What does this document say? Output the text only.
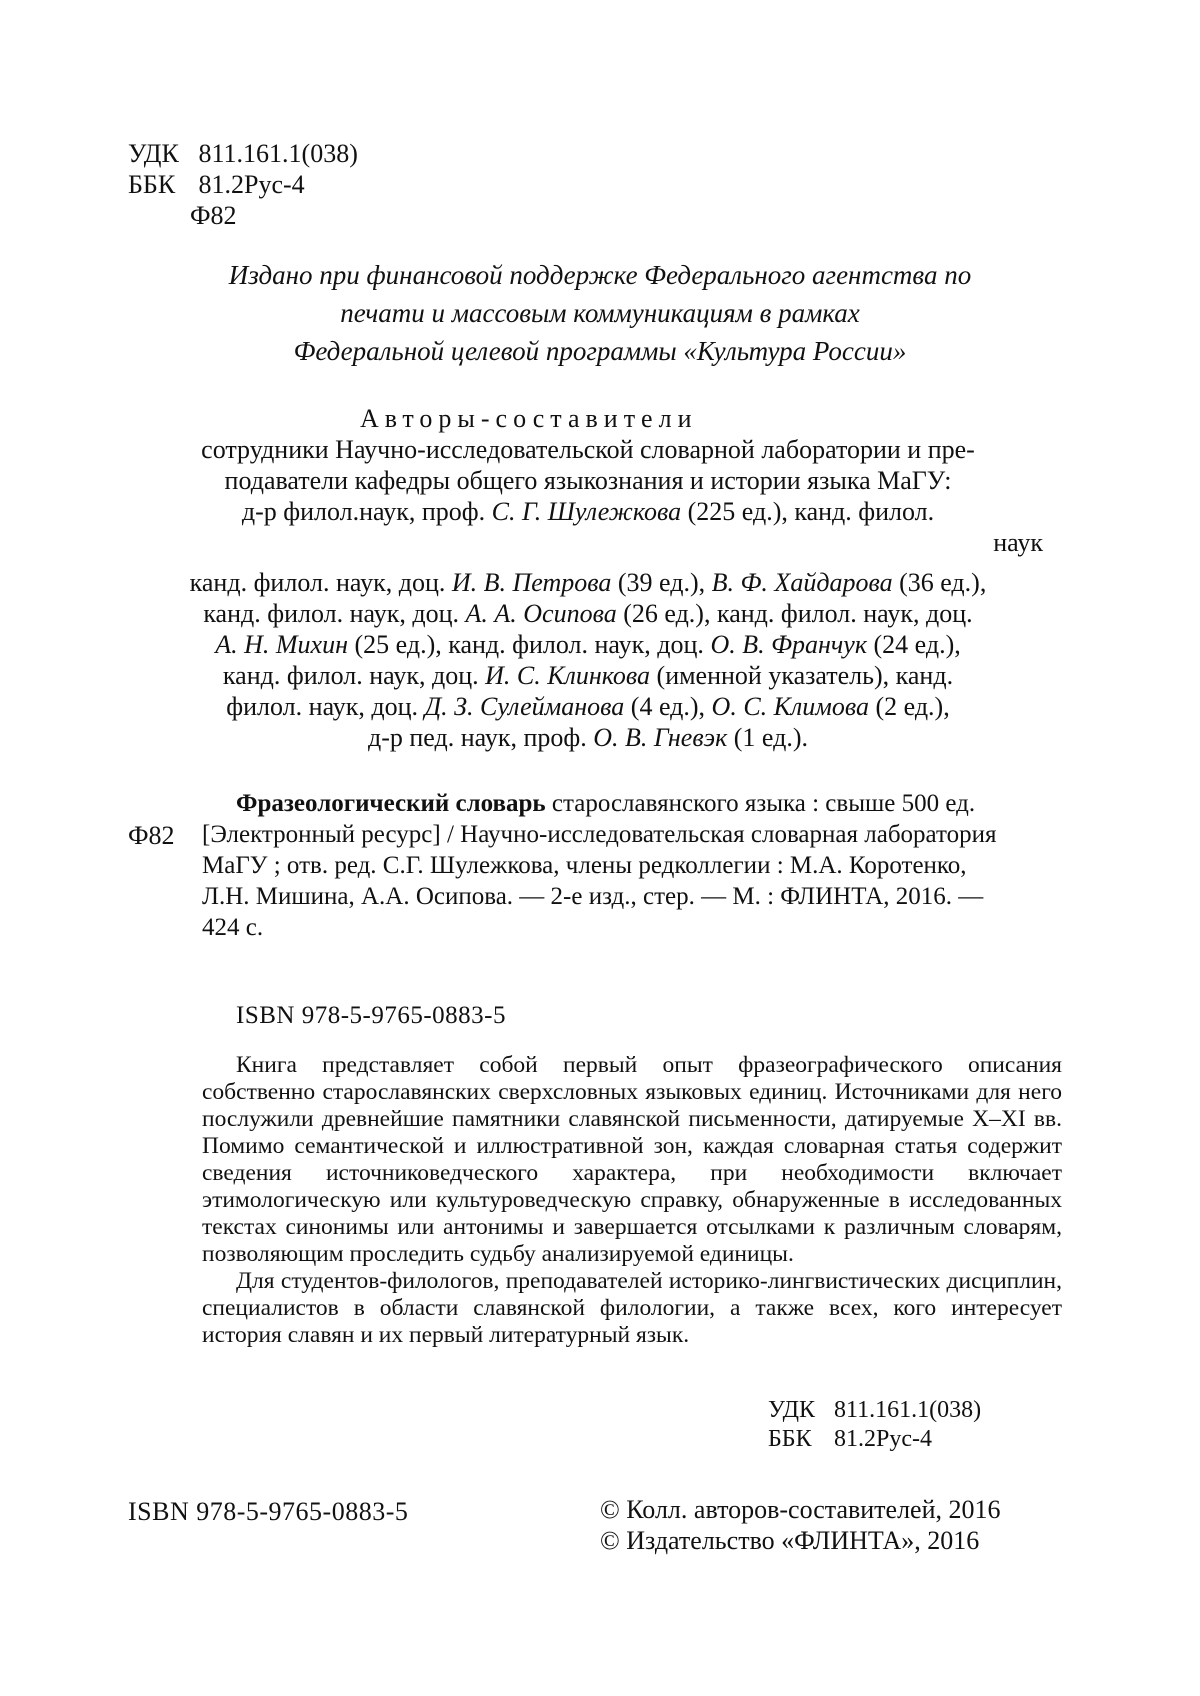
УДК 811.161.1(038)
ББК 81.2Рус-4
Ф82
Издано при финансовой поддержке Федерального агентства по
печати и массовым коммуникациям в рамках
Федеральной целевой программы «Культура России»
Авторы-составители

сотрудники Научно-исследовательской словарной лаборатории и пре-

подаватели кафедры общего языкознания и истории языка МаГУ:

д-р филол.наук, проф. С. Г. Шулежкова (225 ед.), канд. филол.

наук

канд. филол. наук, доц. И. В. Петрова (39 ед.), В. Ф. Хайдарова (36 ед.),

канд. филол. наук, доц. А. А. Осипова (26 ед.), канд. филол. наук, доц.

А. Н. Михин (25 ед.), канд. филол. наук, доц. О. В. Франчук (24 ед.),

канд. филол. наук, доц. И. С. Клинкова (именной указатель), канд.

филол. наук, доц. Д. З. Сулейманова (4 ед.), О. С. Климова (2 ед.),

д-р пед. наук, проф. О. В. Гневэк (1 ед.).

Ф82

Фразеологический словарь старославянского языка : свыше 500 ед.

[Электронный ресурс] / Научно-исследовательская словарная лаборатория

МаГУ ; отв. ред. С.Г. Шулежкова, члены редколлегии : М.А. Коротенко,

Л.Н. Мишина, А.А. Осипова. — 2-е изд., стер. — М. : ФЛИНТА, 2016. —

424 с.

ISBN 978-5-9765-0883-5

Книга представляет собой первый опыт фразеографического описания собственно старославянских сверхсловных языковых единиц. Источниками для него послужили древнейшие памятники славянской письменности, датируемые X–XI вв. Помимо семантической и иллюстративной зон, каждая словарная статья содержит сведения источниковедческого характера, при необходимости включает этимологическую или культуроведческую справку, обнаруженные в исследованных текстах синонимы или антонимы и завершается отсылками к различным словарям, позволяющим проследить судьбу анализируемой единицы.

Для студентов-филологов, преподавателей историко-лингвистических дисциплин, специалистов в области славянской филологии, а также всех, кого интересует история славян и их первый литературный язык.

УДК 811.161.1(038)
ББК 81.2Рус-4
ISBN 978-5-9765-0883-5	© Колл. авторов-составителей, 2016

© Издательство «ФЛИНТА», 2016
